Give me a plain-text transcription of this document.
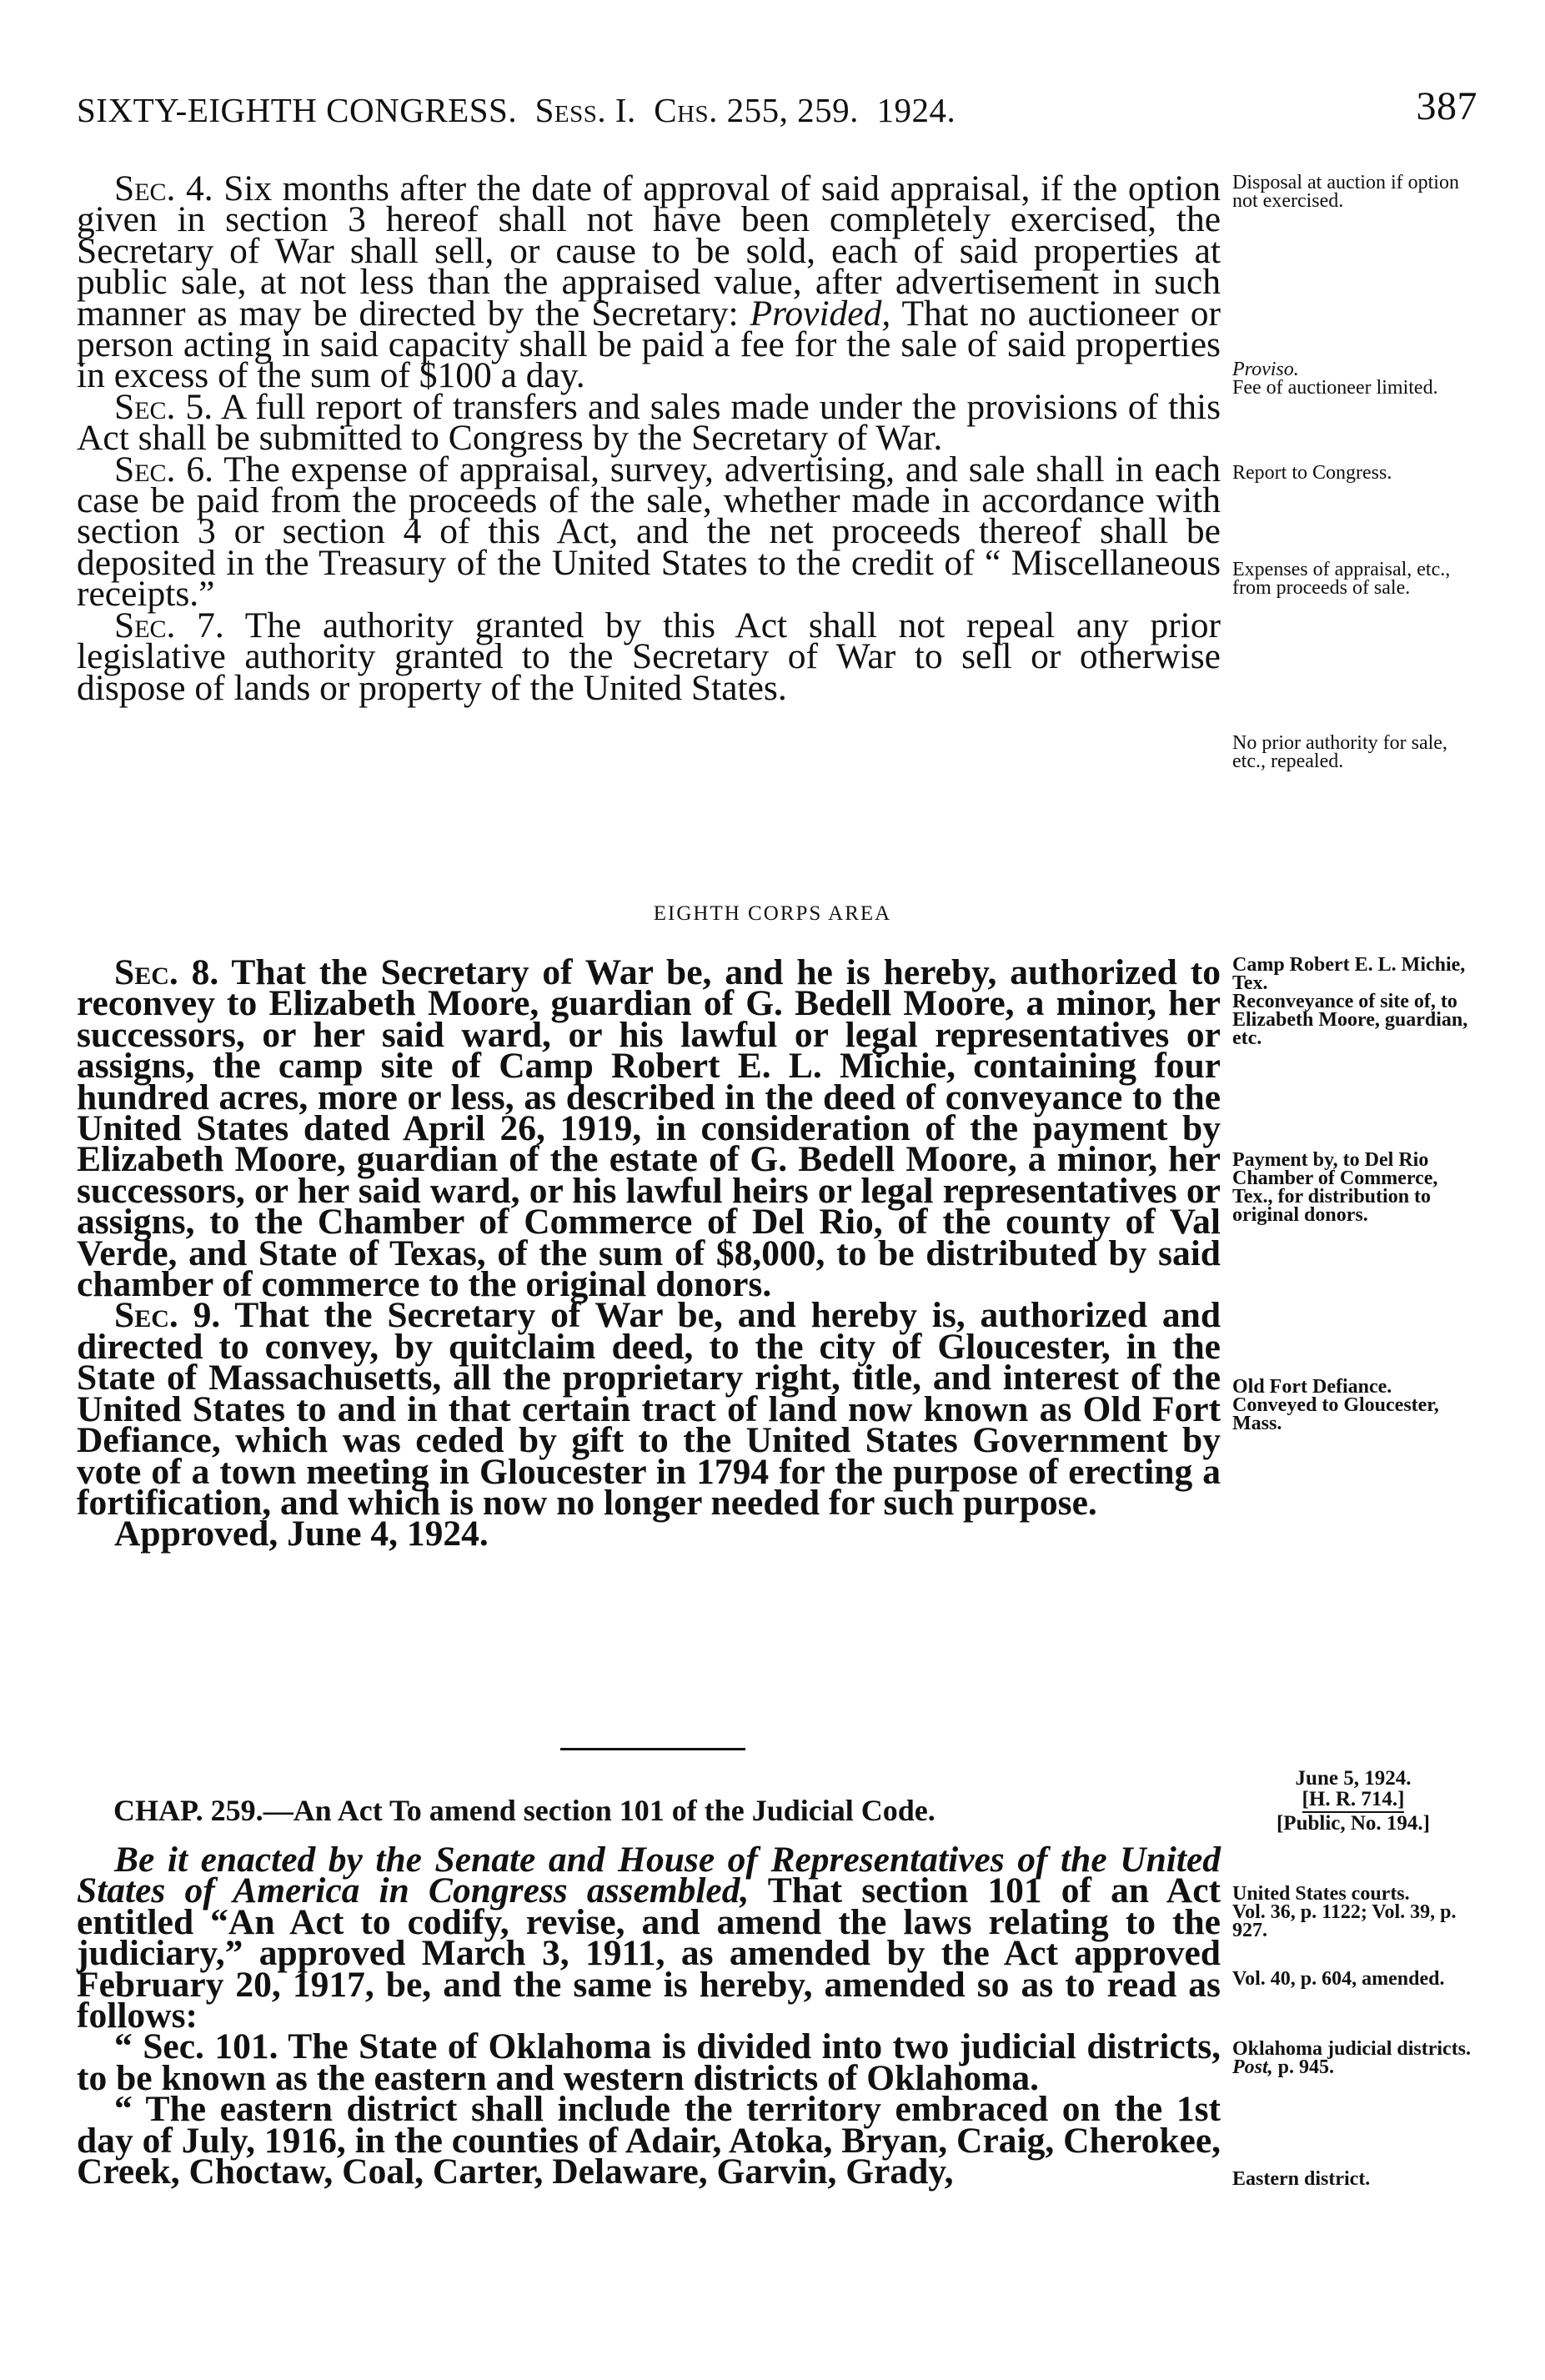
SIXTY-EIGHTH CONGRESS. Sess. I. Chs. 255, 259. 1924.	387

Sec. 4. Six months after the date of approval of said appraisal, if the option given in section 3 hereof shall not have been completely exercised, the Secretary of War shall sell, or cause to be sold, each of said properties at public sale, at not less than the appraised value, after advertisement in such manner as may be directed by the Secretary: Provided, That no auctioneer or person acting in said capacity shall be paid a fee for the sale of said properties in excess of the sum of $100 a day.

Sec. 5. A full report of transfers and sales made under the provisions of this Act shall be submitted to Congress by the Secretary of War.

Sec. 6. The expense of appraisal, survey, advertising, and sale shall in each case be paid from the proceeds of the sale, whether made in accordance with section 3 or section 4 of this Act, and the net proceeds thereof shall be deposited in the Treasury of the United States to the credit of “ Miscellaneous receipts.”

Sec. 7. The authority granted by this Act shall not repeal any prior legislative authority granted to the Secretary of War to sell or otherwise dispose of lands or property of the United States.

Disposal at auction if option not exercised.
Proviso.
Fee of auctioneer limited.
Report to Congress.
Expenses of appraisal, etc., from proceeds of sale.
No prior authority for sale, etc., repealed.
EIGHTH CORPS AREA

Sec. 8. That the Secretary of War be, and he is hereby, authorized to reconvey to Elizabeth Moore, guardian of G. Bedell Moore, a minor, her successors, or her said ward, or his lawful or legal representatives or assigns, the camp site of Camp Robert E. L. Michie, containing four hundred acres, more or less, as described in the deed of conveyance to the United States dated April 26, 1919, in consideration of the payment by Elizabeth Moore, guardian of the estate of G. Bedell Moore, a minor, her successors, or her said ward, or his lawful heirs or legal representatives or assigns, to the Chamber of Commerce of Del Rio, of the county of Val Verde, and State of Texas, of the sum of $8,000, to be distributed by said chamber of commerce to the original donors.

Sec. 9. That the Secretary of War be, and hereby is, authorized and directed to convey, by quitclaim deed, to the city of Gloucester, in the State of Massachusetts, all the proprietary right, title, and interest of the United States to and in that certain tract of land now known as Old Fort Defiance, which was ceded by gift to the United States Government by vote of a town meeting in Gloucester in 1794 for the purpose of erecting a fortification, and which is now no longer needed for such purpose.

Approved, June 4, 1924.

Camp Robert E. L. Michie, Tex.
Reconveyance of site of, to Elizabeth Moore, guardian, etc.
Payment by, to Del Rio Chamber of Commerce, Tex., for distribution to original donors.
Old Fort Defiance.
Conveyed to Gloucester, Mass.
CHAP. 259.—An Act To amend section 101 of the Judicial Code.
June 5, 1924.
[H. R. 714.]
[Public, No. 194.]

Be it enacted by the Senate and House of Representatives of the United States of America in Congress assembled, That section 101 of an Act entitled “An Act to codify, revise, and amend the laws relating to the judiciary,” approved March 3, 1911, as amended by the Act approved February 20, 1917, be, and the same is hereby, amended so as to read as follows:

“ Sec. 101. The State of Oklahoma is divided into two judicial districts, to be known as the eastern and western districts of Oklahoma.

“ The eastern district shall include the territory embraced on the 1st day of July, 1916, in the counties of Adair, Atoka, Bryan, Craig, Cherokee, Creek, Choctaw, Coal, Carter, Delaware, Garvin, Grady,

United States courts.
Vol. 36, p. 1122; Vol. 39, p. 927.
Vol. 40, p. 604, amended.
Oklahoma judicial districts.
Post, p. 945.
Eastern district.
